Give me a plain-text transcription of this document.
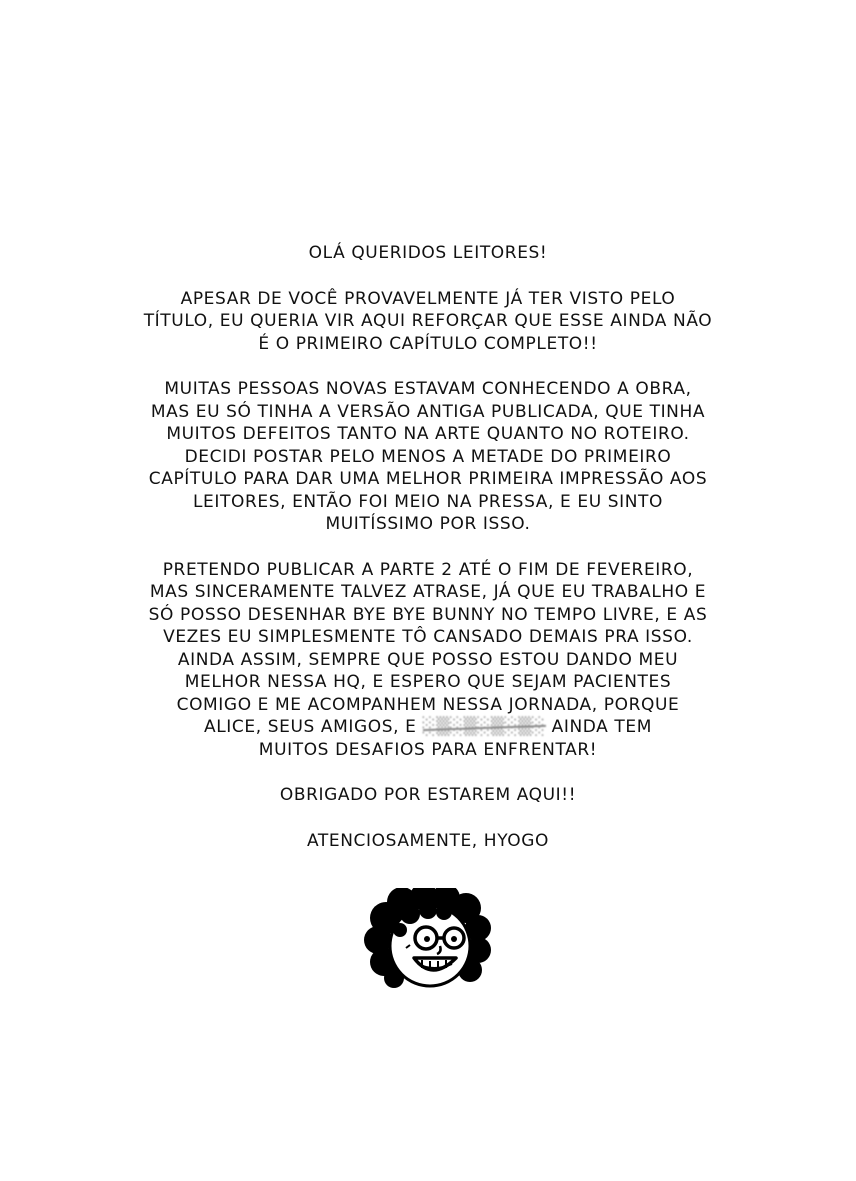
OLÁ QUERIDOS LEITORES!

APESAR DE VOCÊ PROVAVELMENTE JÁ TER VISTO PELO
TÍTULO, EU QUERIA VIR AQUI REFORÇAR QUE ESSE AINDA NÃO
É O PRIMEIRO CAPÍTULO COMPLETO!!

MUITAS PESSOAS NOVAS ESTAVAM CONHECENDO A OBRA,
MAS EU SÓ TINHA A VERSÃO ANTIGA PUBLICADA, QUE TINHA
MUITOS DEFEITOS TANTO NA ARTE QUANTO NO ROTEIRO.
DECIDI POSTAR PELO MENOS A METADE DO PRIMEIRO
CAPÍTULO PARA DAR UMA MELHOR PRIMEIRA IMPRESSÃO AOS
LEITORES, ENTÃO FOI MEIO NA PRESSA, E EU SINTO
MUITÍSSIMO POR ISSO.

PRETENDO PUBLICAR A PARTE 2 ATÉ O FIM DE FEVEREIRO,
MAS SINCERAMENTE TALVEZ ATRASE, JÁ QUE EU TRABALHO E
SÓ POSSO DESENHAR BYE BYE BUNNY NO TEMPO LIVRE, E AS
VEZES EU SIMPLESMENTE TÔ CANSADO DEMAIS PRA ISSO.
AINDA ASSIM, SEMPRE QUE POSSO ESTOU DANDO MEU
MELHOR NESSA HQ, E ESPERO QUE SEJAM PACIENTES
COMIGO E ME ACOMPANHEM NESSA JORNADA, PORQUE
ALICE, SEUS AMIGOS, E ░▒░▒░▒░▒░ AINDA TEM
MUITOS DESAFIOS PARA ENFRENTAR!

OBRIGADO POR ESTAREM AQUI!!

ATENCIOSAMENTE, HYOGO
